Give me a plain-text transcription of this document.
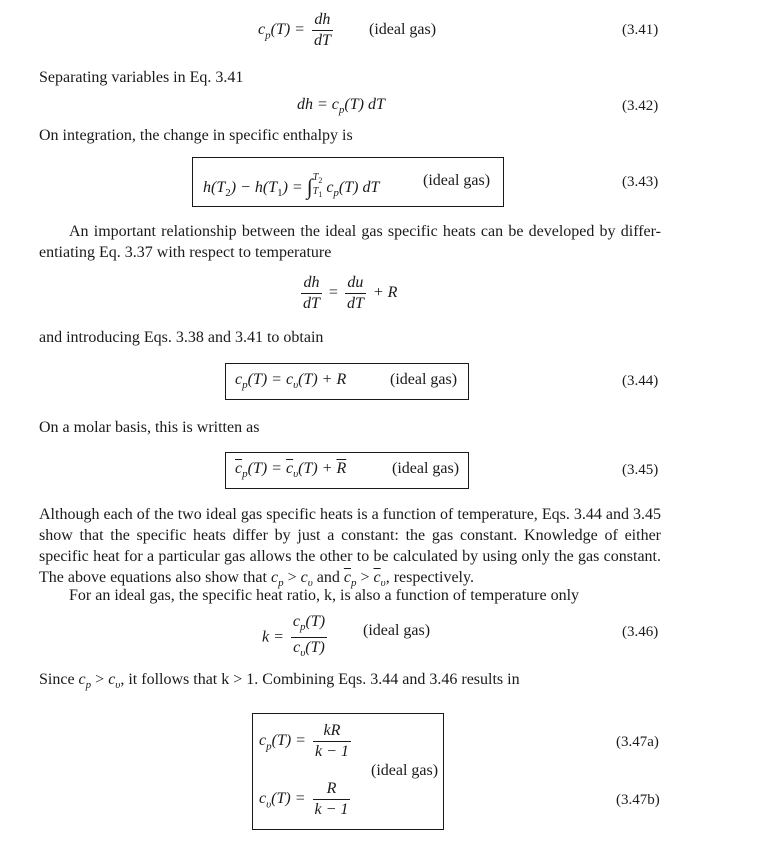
$c_p(T) = \frac{dh}{dT}$ (ideal gas)	(3.41)
Separating variables in Eq. 3.41
dh = $c_p(T)$ dT	(3.42)
On integration, the change in specific enthalpy is
$h(T_2) - h(T_1)$ = ∫ $T_2$
$T_1$ $c_p(T)$ dT	(ideal gas)	(3.43)
An important relationship between the ideal gas specific heats can be developed by differ-entiating Eq. 3.37 with respect to temperature
$\frac{dh}{dT} = \frac{du}{dT} + R$
and introducing Eqs. 3.38 and 3.41 to obtain
$c_p(T) = c_\upsilon(T) + R$	(ideal gas)	(3.44)
On a molar basis, this is written as
$\overline{c}_p(T) = \overline{c}_\upsilon(T) + \overline{R}$	(ideal gas)	(3.45)
Although each of the two ideal gas specific heats is a function of temperature, Eqs. 3.44 and 3.45 show that the specific heats differ by just a constant: the gas constant. Knowledge of either specific heat for a particular gas allows the other to be calculated by using only the gas constant. The above equations also show that $c_p > c_\upsilon$ and $\overline{c}_p > \overline{c}_\upsilon$, respectively.
For an ideal gas, the specific heat ratio, k, is also a function of temperature only
$k = \frac{c_p(T)}{c_\upsilon(T)}$ (ideal gas)	(3.46)
Since $c_p > c_\upsilon$, it follows that k > 1. Combining Eqs. 3.44 and 3.46 results in
$c_p(T) = \frac{kR}{k - 1}$	(3.47a)
(ideal gas)
$c_\upsilon(T) = \frac{R}{k - 1}$	(3.47b)
